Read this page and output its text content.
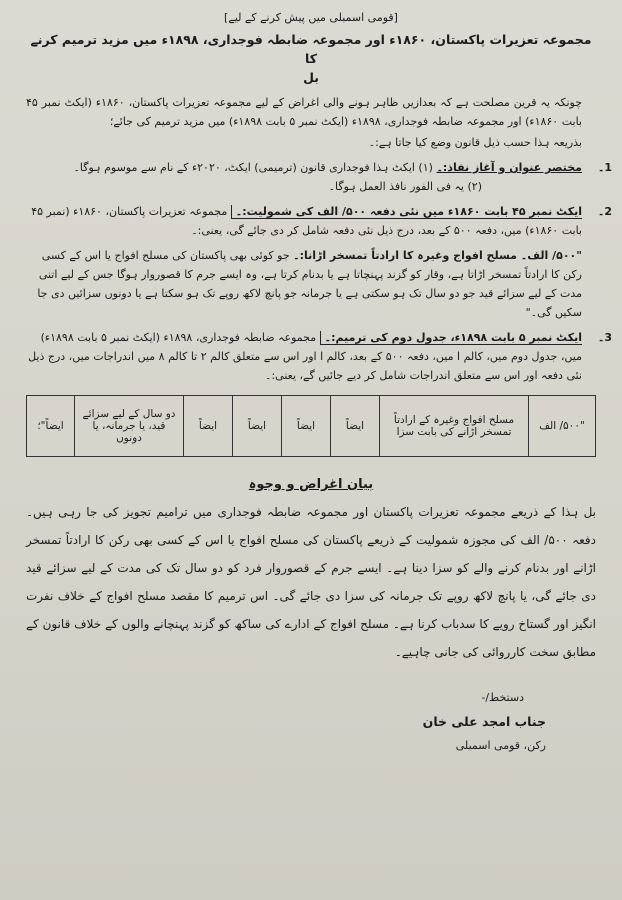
[قومی اسمبلی میں پیش کرنے کے لیے]
مجموعہ تعزیرات پاکستان، ۱۸۶۰ء اور مجموعہ ضابطہ فوجداری، ۱۸۹۸ء میں مزید ترمیم کرنے کا
بل
چونکہ یہ قرین مصلحت ہے کہ بعدازیں ظاہر ہونے والی اغراض کے لیے مجموعہ تعزیرات پاکستان، ۱۸۶۰ء (ایکٹ نمبر ۴۵ بابت ۱۸۶۰ء) اور مجموعہ ضابطہ فوجداری، ۱۸۹۸ء (ایکٹ نمبر ۵ بابت ۱۸۹۸ء) میں مزید ترمیم کی جائے؛
بذریعہ ہذا حسب ذیل قانون وضع کیا جاتا ہے:۔
1۔
مختصر عنوان و آغاز نفاذ:۔ (۱) ایکٹ ہذا فوجداری قانون (ترمیمی) ایکٹ، ۲۰۲۰ء کے نام سے موسوم ہوگا۔
(۲) یہ فی الفور نافذ العمل ہوگا۔
2۔
ایکٹ نمبر ۴۵ بابت ۱۸۶۰ء میں نئی دفعہ ۵۰۰/ الف کی شمولیت:۔ مجموعہ تعزیرات پاکستان، ۱۸۶۰ء (نمبر ۴۵ بابت ۱۸۶۰ء) میں، دفعہ ۵۰۰ کے بعد، درج ذیل نئی دفعہ شامل کر دی جائے گی، یعنی:۔
"۵۰۰/ الف۔ مسلح افواج وغیرہ کا ارادتاً تمسخر اڑانا:۔ جو کوئی بھی پاکستان کی مسلح افواج یا اس کے کسی رکن کا ارادتاً تمسخر اڑاتا ہے، وقار کو گزند پہنچاتا ہے یا بدنام کرتا ہے، وہ ایسے جرم کا قصوروار ہوگا جس کے لیے اتنی مدت کے لیے سزائے قید جو دو سال تک ہو سکتی ہے یا جرمانہ جو پانچ لاکھ روپے تک ہو سکتا ہے یا دونوں سزائیں دی جا سکیں گی۔"
3۔
ایکٹ نمبر ۵ بابت ۱۸۹۸ء، جدول دوم کی ترمیم:۔ مجموعہ ضابطہ فوجداری، ۱۸۹۸ء (ایکٹ نمبر ۵ بابت ۱۸۹۸ء) میں، جدول دوم میں، کالم ا میں، دفعہ ۵۰۰ کے بعد، کالم ا اور اس سے متعلق کالم ۲ تا کالم ۸ میں اندراجات میں، درج ذیل نئی دفعہ اور اس سے متعلق اندراجات شامل کر دیے جائیں گے، یعنی:۔
"۵۰۰/ الف	مسلح افواج وغیرہ کے ارادتاً تمسخر اڑانے کی بابت سزا	ایضاً	ایضاً	ایضاً	ایضاً	دو سال کے لیے سزائے قید، یا جرمانہ، یا دونوں	ایضاً"؛
بیان اغراض و وجوہ
بل ہذا کے ذریعے مجموعہ تعزیرات پاکستان اور مجموعہ ضابطہ فوجداری میں ترامیم تجویز کی جا رہی ہیں۔ دفعہ ۵۰۰/ الف کی مجوزہ شمولیت کے ذریعے پاکستان کی مسلح افواج یا اس کے کسی بھی رکن کا ارادتاً تمسخر اڑانے اور بدنام کرنے والے کو سزا دینا ہے۔ ایسے جرم کے قصوروار فرد کو دو سال تک کی مدت کے لیے سزائے قید دی جائے گی، یا پانچ لاکھ روپے تک جرمانہ کی سزا دی جائے گی۔ اس ترمیم کا مقصد مسلح افواج کے خلاف نفرت انگیز اور گستاخ رویے کا سدباب کرنا ہے۔ مسلح افواج کے ادارے کی ساکھ کو گزند پہنچانے والوں کے خلاف قانون کے مطابق سخت کارروائی کی جانی چاہیے۔
دستخط/-
جناب امجد علی خان
رکن، قومی اسمبلی
